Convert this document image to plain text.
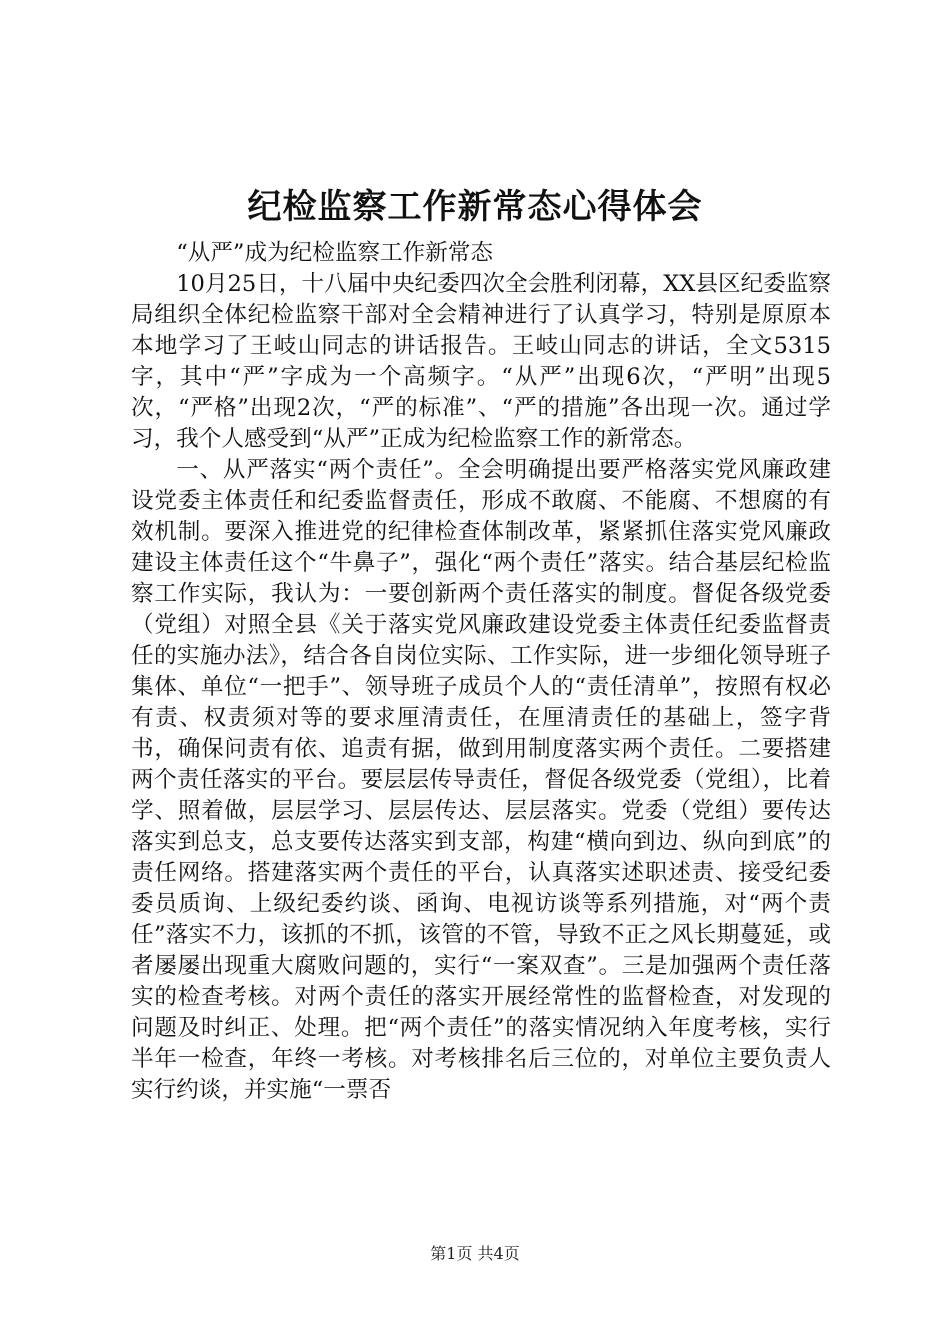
纪检监察工作新常态心得体会

“从严”成为纪检监察工作新常态

10月25日，十八届中央纪委四次全会胜利闭幕，XX县区纪委监察局组织全体纪检监察干部对全会精神进行了认真学习，特别是原原本本地学习了王岐山同志的讲话报告。王岐山同志的讲话，全文5315字，其中“严”字成为一个高频字。“从严”出现6次，“严明”出现5次，“严格”出现2次，“严的标准”、“严的措施”各出现一次。通过学习，我个人感受到“从严”正成为纪检监察工作的新常态。

一、从严落实“两个责任”。全会明确提出要严格落实党风廉政建设党委主体责任和纪委监督责任，形成不敢腐、不能腐、不想腐的有效机制。要深入推进党的纪律检查体制改革，紧紧抓住落实党风廉政建设主体责任这个“牛鼻子”，强化“两个责任”落实。结合基层纪检监察工作实际，我认为：一要创新两个责任落实的制度。督促各级党委（党组）对照全县《关于落实党风廉政建设党委主体责任纪委监督责任的实施办法》，结合各自岗位实际、工作实际，进一步细化领导班子集体、单位“一把手”、领导班子成员个人的“责任清单”，按照有权必有责、权责须对等的要求厘清责任，在厘清责任的基础上，签字背书，确保问责有依、追责有据，做到用制度落实两个责任。二要搭建两个责任落实的平台。要层层传导责任，督促各级党委（党组），比着学、照着做，层层学习、层层传达、层层落实。党委（党组）要传达落实到总支，总支要传达落实到支部，构建“横向到边、纵向到底”的责任网络。搭建落实两个责任的平台，认真落实述职述责、接受纪委委员质询、上级纪委约谈、函询、电视访谈等系列措施，对“两个责任”落实不力，该抓的不抓，该管的不管，导致不正之风长期蔓延，或者屡屡出现重大腐败问题的，实行“一案双查”。三是加强两个责任落实的检查考核。对两个责任的落实开展经常性的监督检查，对发现的问题及时纠正、处理。把“两个责任”的落实情况纳入年度考核，实行半年一检查，年终一考核。对考核排名后三位的，对单位主要负责人实行约谈，并实施“一票否

第1页 共4页
